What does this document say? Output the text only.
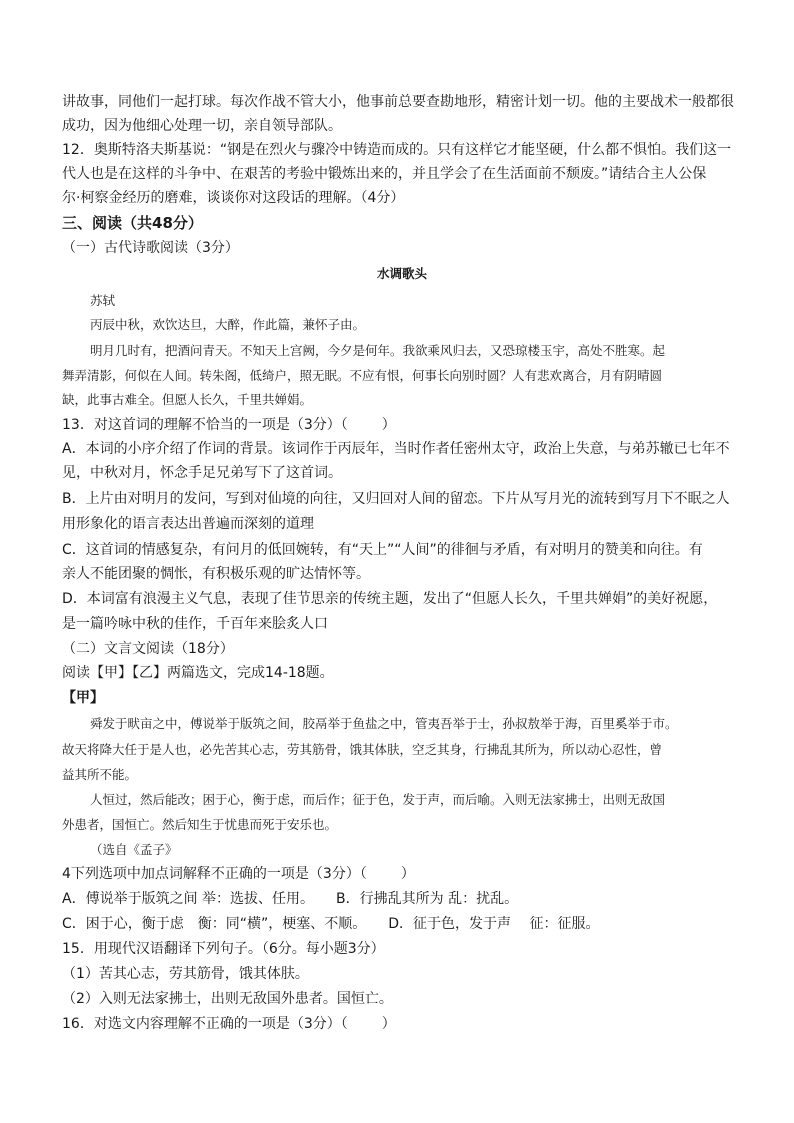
讲故事，同他们一起打球。每次作战不管大小，他事前总要查勘地形，精密计划一切。他的主要战术一般都很
成功，因为他细心处理一切，亲自领导部队。
12．奥斯特洛夫斯基说：“钢是在烈火与骤冷中铸造而成的。只有这样它才能坚硬，什么都不惧怕。我们这一
代人也是在这样的斗争中、在艰苦的考验中锻炼出来的，并且学会了在生活面前不颓废。”请结合主人公保
尔·柯察金经历的磨难，谈谈你对这段话的理解。（4分）
三、阅读（共48分）
（一）古代诗歌阅读（3分）
水调歌头
苏轼
丙辰中秋，欢饮达旦，大醉，作此篇，兼怀子由。
明月几时有，把酒问青天。不知天上宫阙，今夕是何年。我欲乘风归去，又恐琼楼玉宇，高处不胜寒。起
舞弄清影，何似在人间。转朱阁，低绮户，照无眠。不应有恨，何事长向别时圆？人有悲欢离合，月有阴晴圆
缺，此事古难全。但愿人长久，千里共婵娟。
13．对这首词的理解不恰当的一项是（3分）（ ）
A．本词的小序介绍了作词的背景。该词作于丙辰年，当时作者任密州太守，政治上失意，与弟苏辙已七年不
见，中秋对月，怀念手足兄弟写下了这首词。
B．上片由对明月的发问，写到对仙境的向往，又归回对人间的留恋。下片从写月光的流转到写月下不眠之人
用形象化的语言表达出普遍而深刻的道理
C．这首词的情感复杂，有问月的低回婉转，有“天上”“人间”的徘徊与矛盾，有对明月的赞美和向往。有
亲人不能团聚的惆怅，有积极乐观的旷达情怀等。
D．本词富有浪漫主义气息，表现了佳节思亲的传统主题，发出了“但愿人长久，千里共婵娟”的美好祝愿，
是一篇吟咏中秋的佳作，千百年来脍炙人口
（二）文言文阅读（18分）
阅读【甲】【乙】两篇选文，完成14-18题。
【甲】
舜发于畎亩之中，傅说举于版筑之间，胶鬲举于鱼盐之中，管夷吾举于士，孙叔敖举于海，百里奚举于市。
故天将降大任于是人也，必先苦其心志，劳其筋骨，饿其体肤，空乏其身，行拂乱其所为，所以动心忍性，曾
益其所不能。
人恒过，然后能改；困于心，衡于虑，而后作；征于色，发于声，而后喻。入则无法家拂士，出则无敌国
外患者，国恒亡。然后知生于忧患而死于安乐也。
（选自《孟子》
4下列选项中加点词解释不正确的一项是（3分）（ ）
A．傅说举于版筑之间 举：选拔、任用。 B．行拂乱其所为 乱：扰乱。
C．困于心，衡于虑　衡：同“横”，梗塞、不顺。 D．征于色，发于声　 征：征服。
15．用现代汉语翻译下列句子。（6分。每小题3分）
（1）苦其心志，劳其筋骨，饿其体肤。
（2）入则无法家拂士，出则无敌国外患者。国恒亡。
16．对选文内容理解不正确的一项是（3分）（ ）
